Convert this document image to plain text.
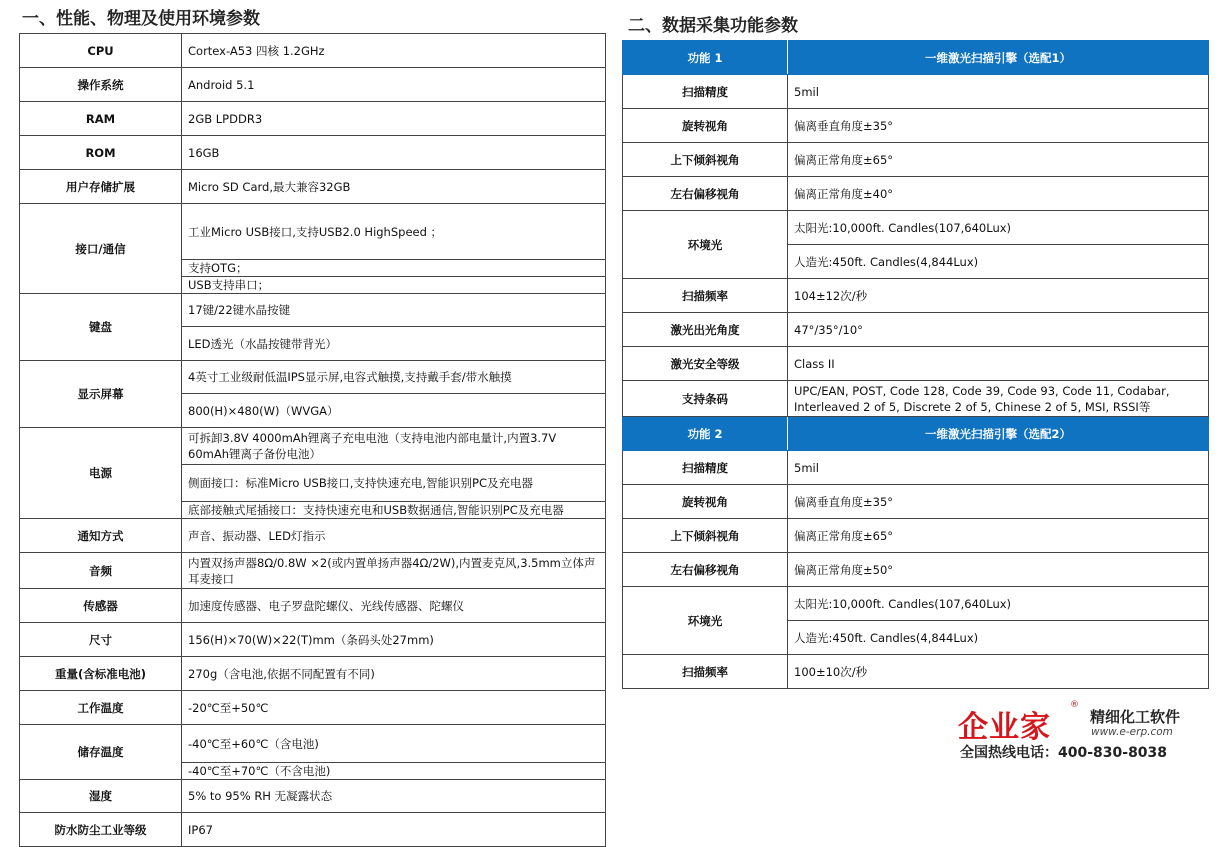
一、性能、物理及使用环境参数	二、数据采集功能参数
CPU	Cortex-A53 四核 1.2GHz
操作系统	Android 5.1
RAM	2GB LPDDR3
ROM	16GB
用户存储扩展	Micro SD Card,最大兼容32GB
接口/通信	工业Micro USB接口,支持USB2.0 HighSpeed ；
	支持OTG；
	USB支持串口；
键盘	17键/22键水晶按键
	LED透光（水晶按键带背光）
显示屏幕	4英寸工业级耐低温IPS显示屏,电容式触摸,支持戴手套/带水触摸
	800(H)×480(W)（WVGA）
电源	可拆卸3.8V 4000mAh锂离子充电电池（支持电池内部电量计,内置3.7V 60mAh锂离子备份电池）
	侧面接口：标准Micro USB接口,支持快速充电,智能识别PC及充电器
	底部接触式尾插接口：支持快速充电和USB数据通信,智能识别PC及充电器
通知方式	声音、振动器、LED灯指示
音频	内置双扬声器8Ω/0.8W ×2(或内置单扬声器4Ω/2W),内置麦克风,3.5mm立体声耳麦接口
传感器	加速度传感器、电子罗盘陀螺仪、光线传感器、陀螺仪
尺寸	156(H)×70(W)×22(T)mm（条码头处27mm)
重量(含标准电池)	270g（含电池,依据不同配置有不同)
工作温度	-20℃至+50℃
储存温度	-40℃至+60℃（含电池)
	-40℃至+70℃（不含电池)
湿度	5% to 95% RH 无凝露状态
防水防尘工业等级	IP67
功能 1	一维激光扫描引擎（选配1）
扫描精度	5mil
旋转视角	偏离垂直角度±35°
上下倾斜视角	偏离正常角度±65°
左右偏移视角	偏离正常角度±40°
环境光	太阳光:10,000ft. Candles(107,640Lux)
	人造光:450ft. Candles(4,844Lux)
扫描频率	104±12次/秒
激光出光角度	47°/35°/10°
激光安全等级	Class II
支持条码	UPC/EAN, POST, Code 128, Code 39, Code 93, Code 11, Codabar, Interleaved 2 of 5, Discrete 2 of 5, Chinese 2 of 5, MSI, RSSI等
功能 2	一维激光扫描引擎（选配2）
扫描精度	5mil
旋转视角	偏离垂直角度±35°
上下倾斜视角	偏离正常角度±65°
左右偏移视角	偏离正常角度±50°
环境光	太阳光:10,000ft. Candles(107,640Lux)
	人造光:450ft. Candles(4,844Lux)
扫描频率	100±10次/秒
企业家
®
精细化工软件
www.e-erp.com
全国热线电话：400-830-8038
